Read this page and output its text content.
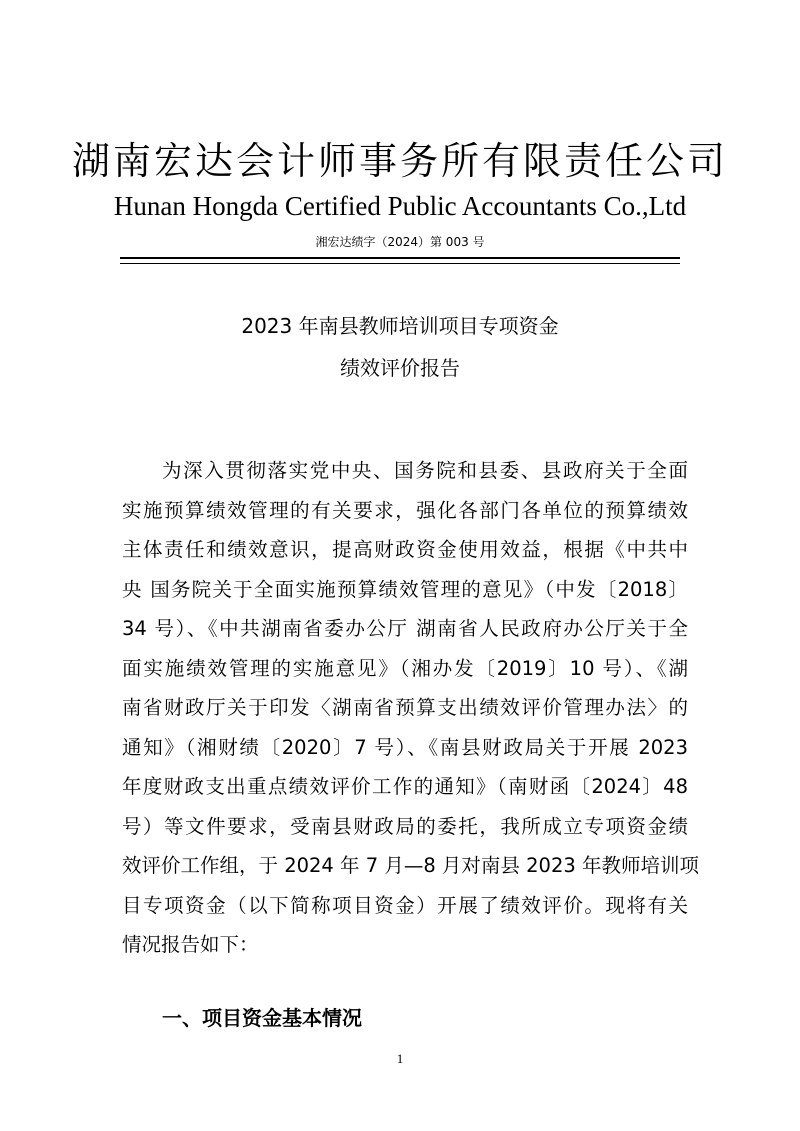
湖南宏达会计师事务所有限责任公司
Hunan Hongda Certified Public Accountants Co.,Ltd
湘宏达绩字（2024）第 003 号
2023 年南县教师培训项目专项资金
绩效评价报告
为深入贯彻落实党中央、国务院和县委、县政府关于全面
实施预算绩效管理的有关要求，强化各部门各单位的预算绩效
主体责任和绩效意识，提高财政资金使用效益，根据《中共中
央 国务院关于全面实施预算绩效管理的意见》（中发〔2018〕
34 号）、《中共湖南省委办公厅 湖南省人民政府办公厅关于全
面实施绩效管理的实施意见》（湘办发〔2019〕10 号）、《湖
南省财政厅关于印发〈湖南省预算支出绩效评价管理办法〉的
通知》（湘财绩〔2020〕7 号）、《南县财政局关于开展 2023
年度财政支出重点绩效评价工作的通知》（南财函〔2024〕48
号）等文件要求，受南县财政局的委托，我所成立专项资金绩
效评价工作组，于 2024 年 7 月—8 月对南县 2023 年教师培训项
目专项资金（以下简称项目资金）开展了绩效评价。现将有关
情况报告如下：
一、项目资金基本情况
1
